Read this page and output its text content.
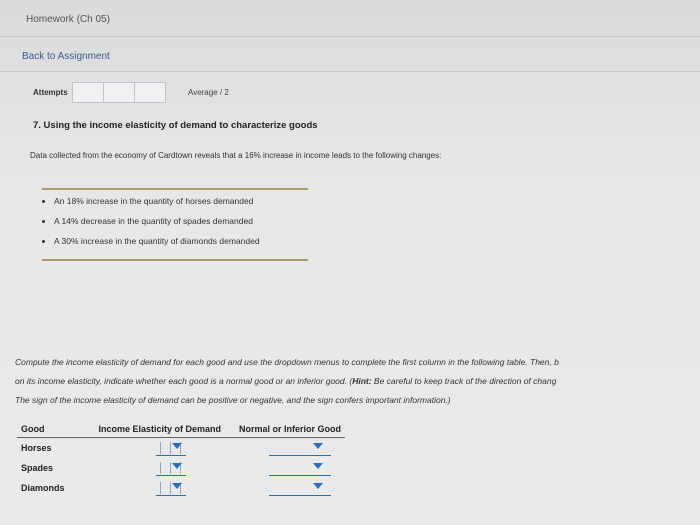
Homework (Ch 05)
Back to Assignment
Attempts	Average / 2
7. Using the income elasticity of demand to characterize goods
Data collected from the economy of Cardtown reveals that a 16% increase in income leads to the following changes:
• An 18% increase in the quantity of horses demanded
• A 14% decrease in the quantity of spades demanded
• A 30% increase in the quantity of diamonds demanded
Compute the income elasticity of demand for each good and use the dropdown menus to complete the first column in the following table. Then, b
on its income elasticity, indicate whether each good is a normal good or an inferior good. (Hint: Be careful to keep track of the direction of chang
The sign of the income elasticity of demand can be positive or negative, and the sign confers important information.)
Good	Income Elasticity of Demand	Normal or Inferior Good
Horses	

Spades	

Diamonds	
